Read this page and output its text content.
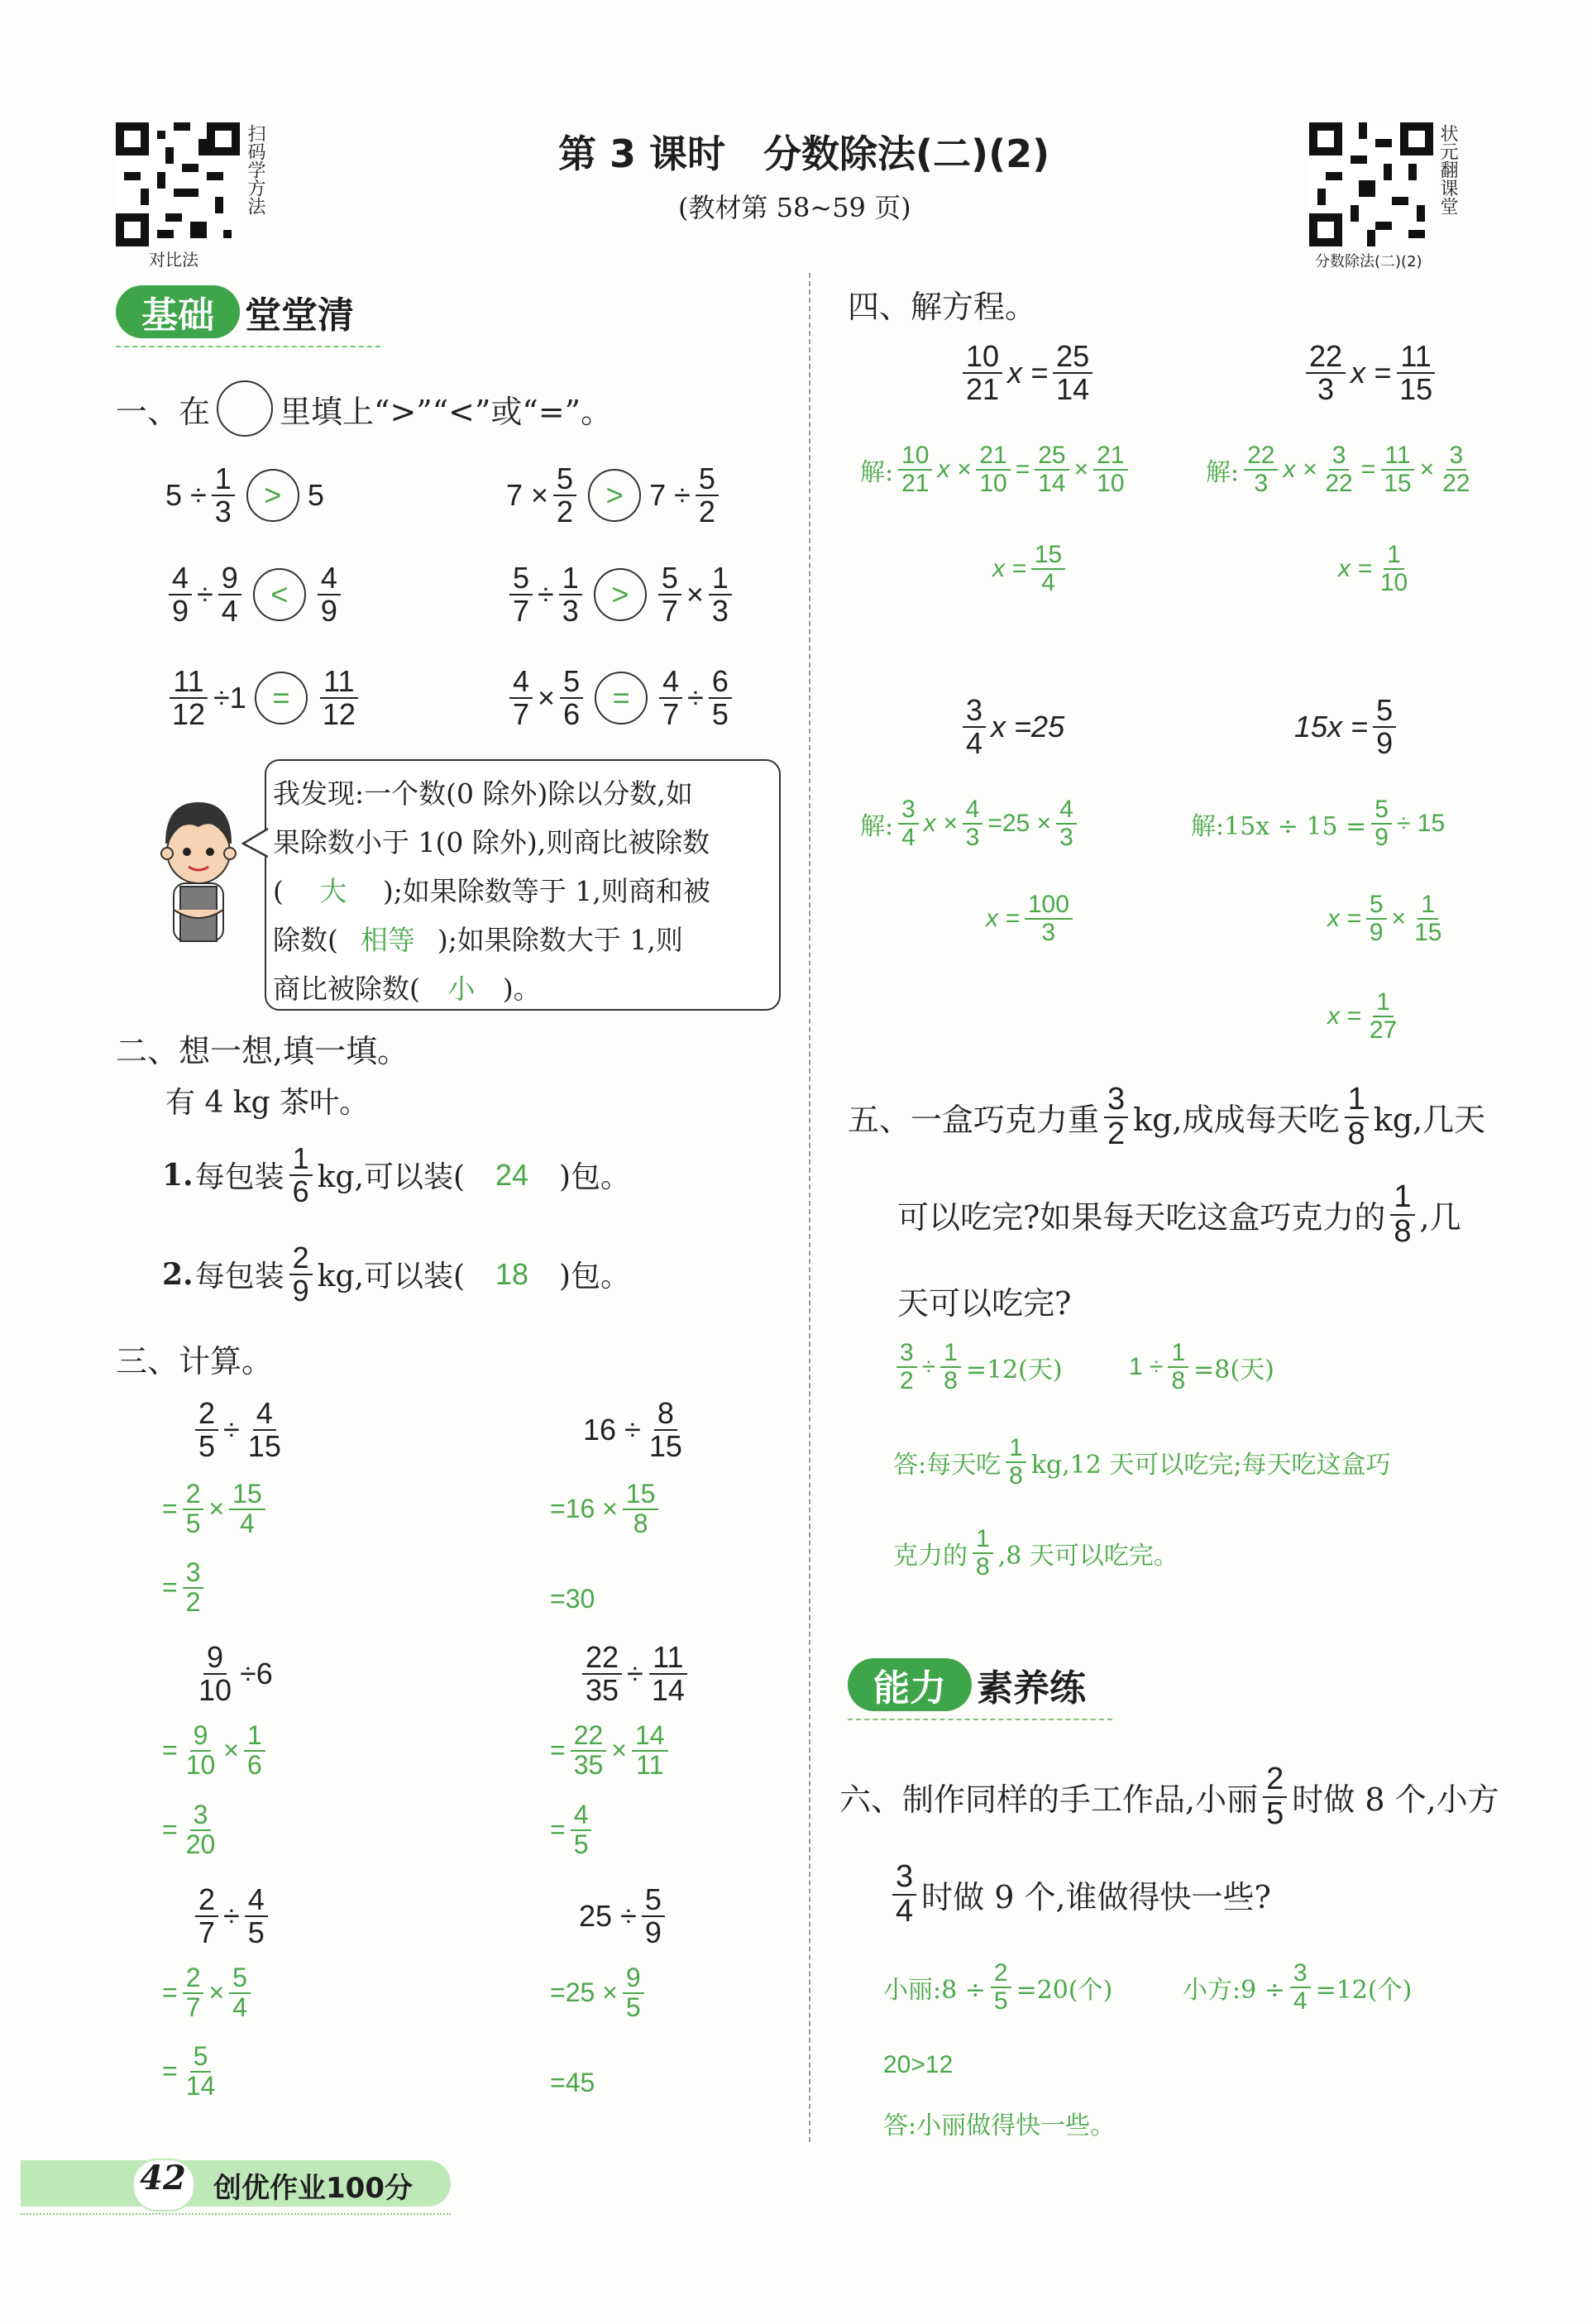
扫码学方法
对比法
第 3 课时　分数除法(二)(2)
(教材第 58~59 页)	状元翻课堂
分数除法(二)(2)
基础 堂堂清
一、在 里填上“>”“<”或“=”。
$5 \div \frac{1}{3} > 5$	$7 \times \frac{5}{2} > 7 \div \frac{5}{2}$
$\frac{4}{9} \div \frac{9}{4} < \frac{4}{9}$	$\frac{5}{7} \div \frac{1}{3} > \frac{5}{7} \times \frac{1}{3}$
$\frac{11}{12} \div 1 = \frac{11}{12}$	$\frac{4}{7} \times \frac{5}{6} = \frac{4}{7} \div \frac{6}{5}$
我发现:一个数(0 除外)除以分数,如
果除数小于 1(0 除外),则商比被除数
( 大 );如果除数等于 1,则商和被
除数( 相等 );如果除数大于 1,则
商比被除数( 小 )。
二、想一想,填一填。
有 4 kg 茶叶。
1. 每包装 $\frac{1}{6}$ kg,可以装(	24	)包。
2. 每包装 $\frac{2}{9}$ kg,可以装(	18	)包。
三、计算。
$\frac{2}{5} \div \frac{4}{15}$
= $\frac{2}{5} \times \frac{15}{4}$
= $\frac{3}{2}$
$16 \div \frac{8}{15}$
$=16 \times \frac{15}{8}$
=30
$\frac{9}{10} \div 6$
= $\frac{9}{10} \times \frac{1}{6}$
= $\frac{3}{20}$
$\frac{22}{35} \div \frac{11}{14}$
= $\frac{22}{35} \times \frac{14}{11}$
= $\frac{4}{5}$
$\frac{2}{7} \div \frac{4}{5}$
= $\frac{2}{7} \times \frac{5}{4}$
= $\frac{5}{14}$
$25 \div \frac{5}{9}$
$=25 \times \frac{9}{5}$
=45
四、解方程。
$\frac{10}{21}$ $x = \frac{25}{14}$
解: $\frac{10}{21}$ $x \times \frac{21}{10} = \frac{25}{14} \times \frac{21}{10}$
$x = \frac{15}{4}$
$\frac{22}{3}$ $x = \frac{11}{15}$
解: $\frac{22}{3}$ $x \times \frac{3}{22} = \frac{11}{15} \times \frac{3}{22}$
$x = \frac{1}{10}$
$\frac{3}{4}$ x =25
解: $\frac{3}{4}$ $x \times \frac{4}{3} =25 \times \frac{4}{3}$
$x = \frac{100}{3}$
$15x = \frac{5}{9}$
解:15x ÷ $15 = \frac{5}{9} \div 15$
$x = \frac{5}{9} \times \frac{1}{15}$
$x = \frac{1}{27}$
五、一盒巧克力重 $\frac{3}{2}$ kg,成成每天吃 $\frac{1}{8}$ kg,几天
可以吃完?如果每天吃这盒巧克力的 $\frac{1}{8}$ ,几
天可以吃完?
$\frac{3}{2} \div \frac{1}{8} =12$(天)	$1 \div \frac{1}{8} =8$(天)
答:每天吃 $\frac{1}{8} kg,12$ 天可以吃完;每天吃这盒巧
克力的 $\frac{1}{8} ,8$ 天可以吃完。
能力 素养练
六、制作同样的手工作品,小丽 $\frac{2}{5}$ 时做 8 个,小方
$\frac{3}{4}$ 时做 9 个,谁做得快一些?
小丽:8 ÷ $\frac{2}{5} =20$(个)	小方:9 ÷ $\frac{3}{4} =12$(个)
20>12
答:小丽做得快一些。
42 创优作业100分
